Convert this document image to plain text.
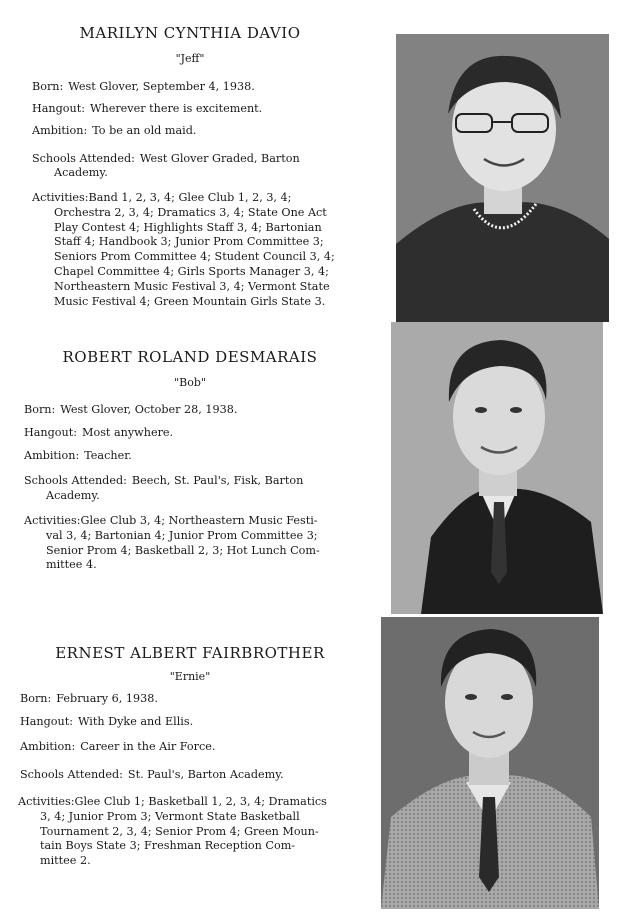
MARILYN CYNTHIA DAVIO
"Jeff"
Born: West Glover, September 4, 1938.
Hangout: Wherever there is excitement.
Ambition: To be an old maid.
Schools Attended: West Glover Graded, Barton
Academy.
Activities:Band 1, 2, 3, 4; Glee Club 1, 2, 3, 4;
Orchestra 2, 3, 4; Dramatics 3, 4; State One Act
Play Contest 4; Highlights Staff 3, 4; Bartonian
Staff 4; Handbook 3; Junior Prom Committee 3;
Seniors Prom Committee 4; Student Council 3, 4;
Chapel Committee 4; Girls Sports Manager 3, 4;
Northeastern Music Festival 3, 4; Vermont State
Music Festival 4; Green Mountain Girls State 3.
ROBERT ROLAND DESMARAIS
"Bob"
Born: West Glover, October 28, 1938.
Hangout: Most anywhere.
Ambition: Teacher.
Schools Attended: Beech, St. Paul's, Fisk, Barton
Academy.
Activities:Glee Club 3, 4; Northeastern Music Festi-
val 3, 4; Bartonian 4; Junior Prom Committee 3;
Senior Prom 4; Basketball 2, 3; Hot Lunch Com-
mittee 4.
ERNEST ALBERT FAIRBROTHER
"Ernie"
Born: February 6, 1938.
Hangout: With Dyke and Ellis.
Ambition: Career in the Air Force.
Schools Attended: St. Paul's, Barton Academy.
Activities:Glee Club 1; Basketball 1, 2, 3, 4; Dramatics
3, 4; Junior Prom 3; Vermont State Basketball
Tournament 2, 3, 4; Senior Prom 4; Green Moun-
tain Boys State 3; Freshman Reception Com-
mittee 2.
